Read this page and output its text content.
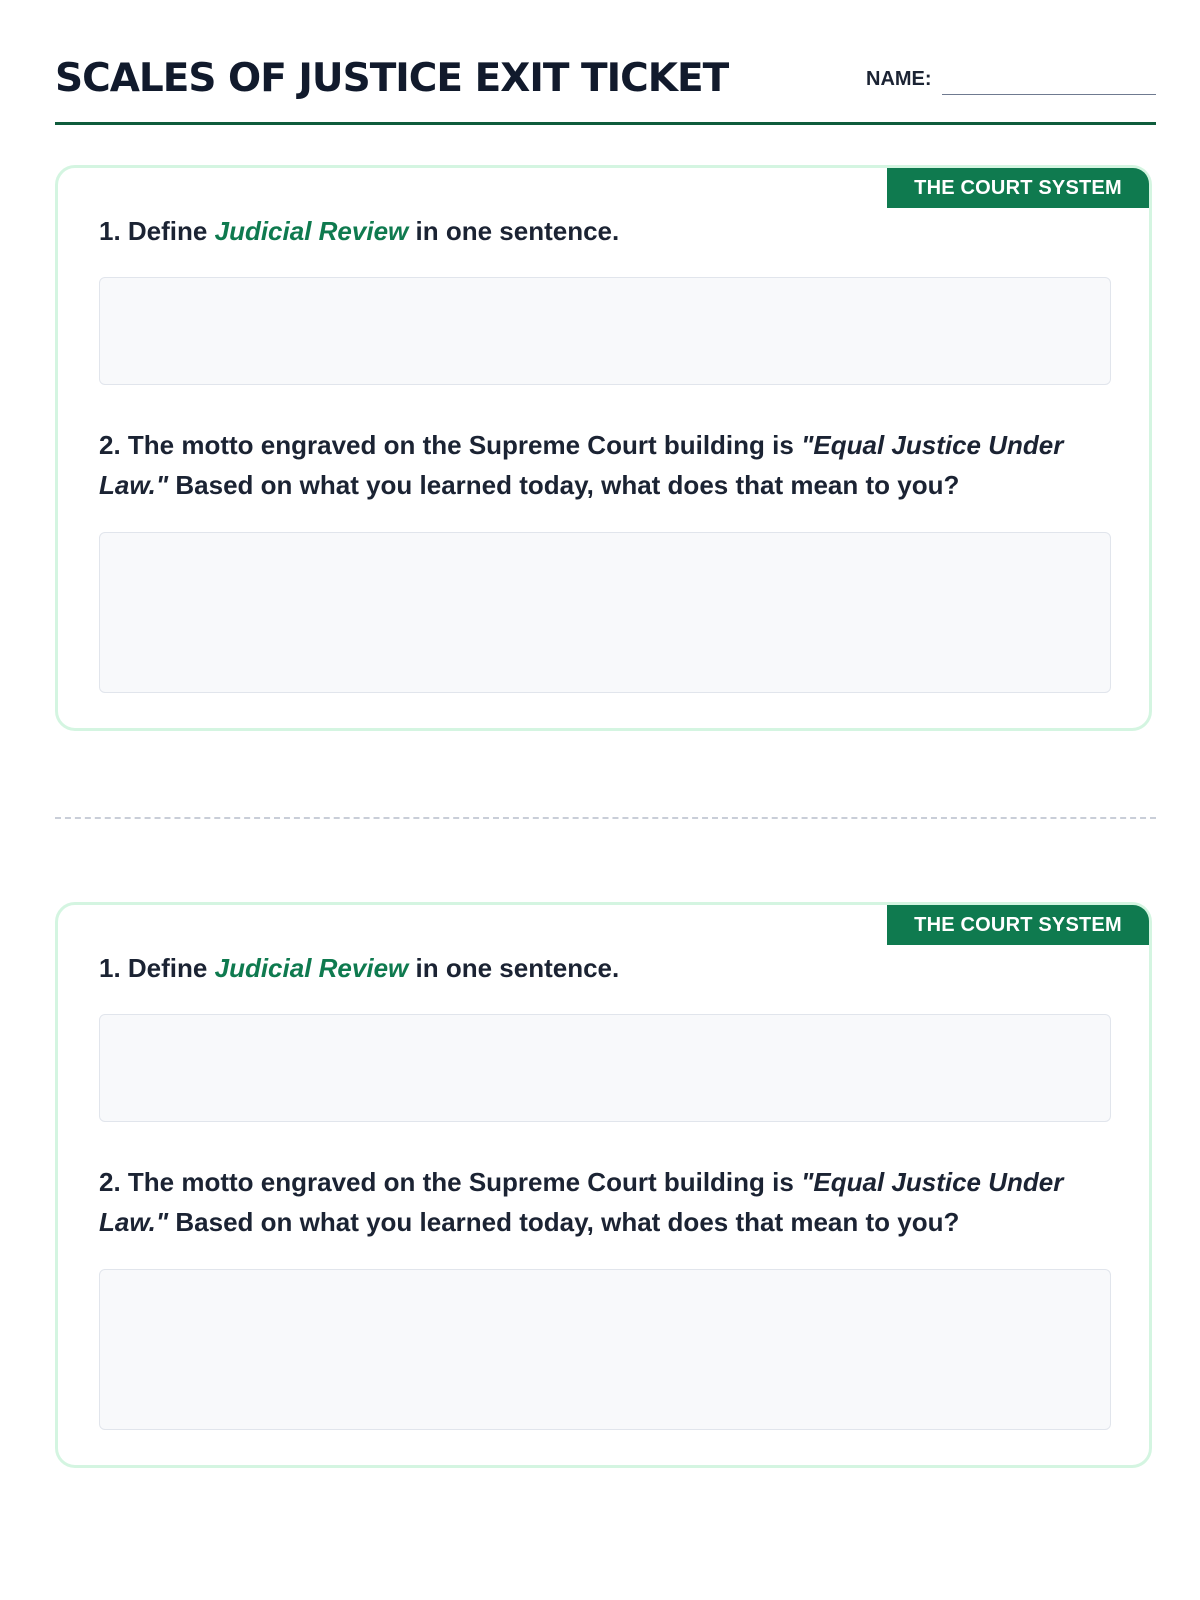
SCALES OF JUSTICE EXIT TICKET	NAME:
THE COURT SYSTEM
1. Define Judicial Review in one sentence.
2. The motto engraved on the Supreme Court building is "Equal Justice Under Law." Based on what you learned today, what does that mean to you?
THE COURT SYSTEM
1. Define Judicial Review in one sentence.
2. The motto engraved on the Supreme Court building is "Equal Justice Under Law." Based on what you learned today, what does that mean to you?
